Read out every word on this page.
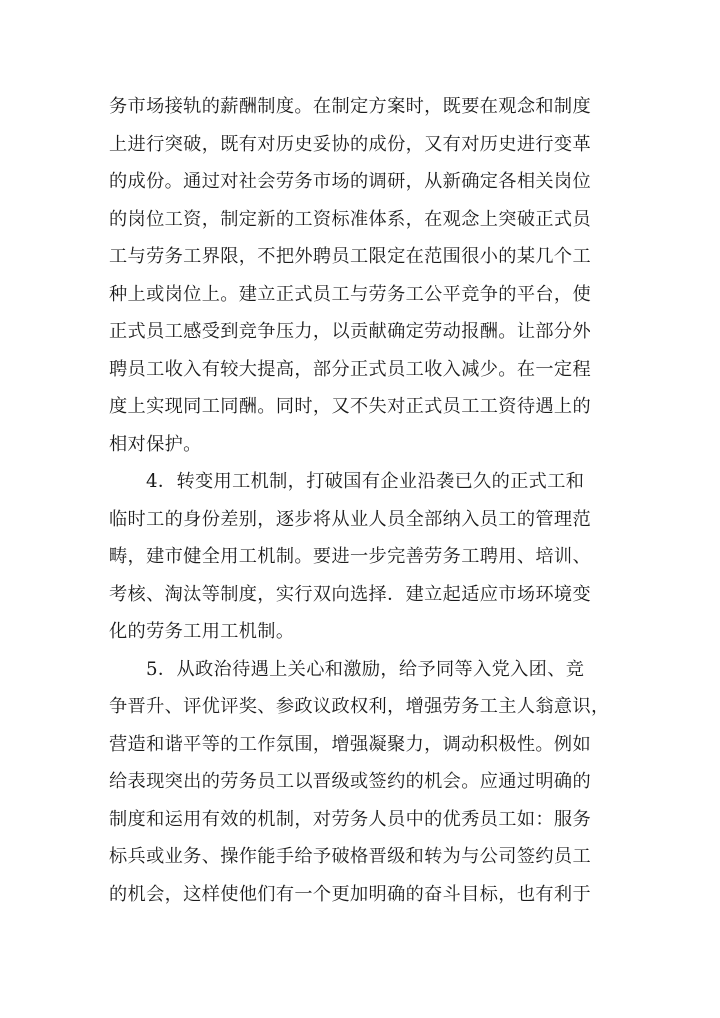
务市场接轨的薪酬制度。在制定方案时，既要在观念和制度
上进行突破，既有对历史妥协的成份，又有对历史进行变革
的成份。通过对社会劳务市场的调研，从新确定各相关岗位
的岗位工资，制定新的工资标准体系，在观念上突破正式员
工与劳务工界限，不把外聘员工限定在范围很小的某几个工
种上或岗位上。建立正式员工与劳务工公平竞争的平台，使
正式员工感受到竞争压力，以贡献确定劳动报酬。让部分外
聘员工收入有较大提高，部分正式员工收入减少。在一定程
度上实现同工同酬。同时，又不失对正式员工工资待遇上的
相对保护。
4．转变用工机制，打破国有企业沿袭已久的正式工和
临时工的身份差别，逐步将从业人员全部纳入员工的管理范
畴，建市健全用工机制。要进一步完善劳务工聘用、培训、
考核、淘汰等制度，实行双向选择．建立起适应市场环境变
化的劳务工用工机制。
5．从政治待遇上关心和激励，给予同等入党入团、竞
争晋升、评优评奖、参政议政权利，增强劳务工主人翁意识，
营造和谐平等的工作氛围，增强凝聚力，调动积极性。例如
给表现突出的劳务员工以晋级或签约的机会。应通过明确的
制度和运用有效的机制，对劳务人员中的优秀员工如：服务
标兵或业务、操作能手给予破格晋级和转为与公司签约员工
的机会，这样使他们有一个更加明确的奋斗目标，也有利于
